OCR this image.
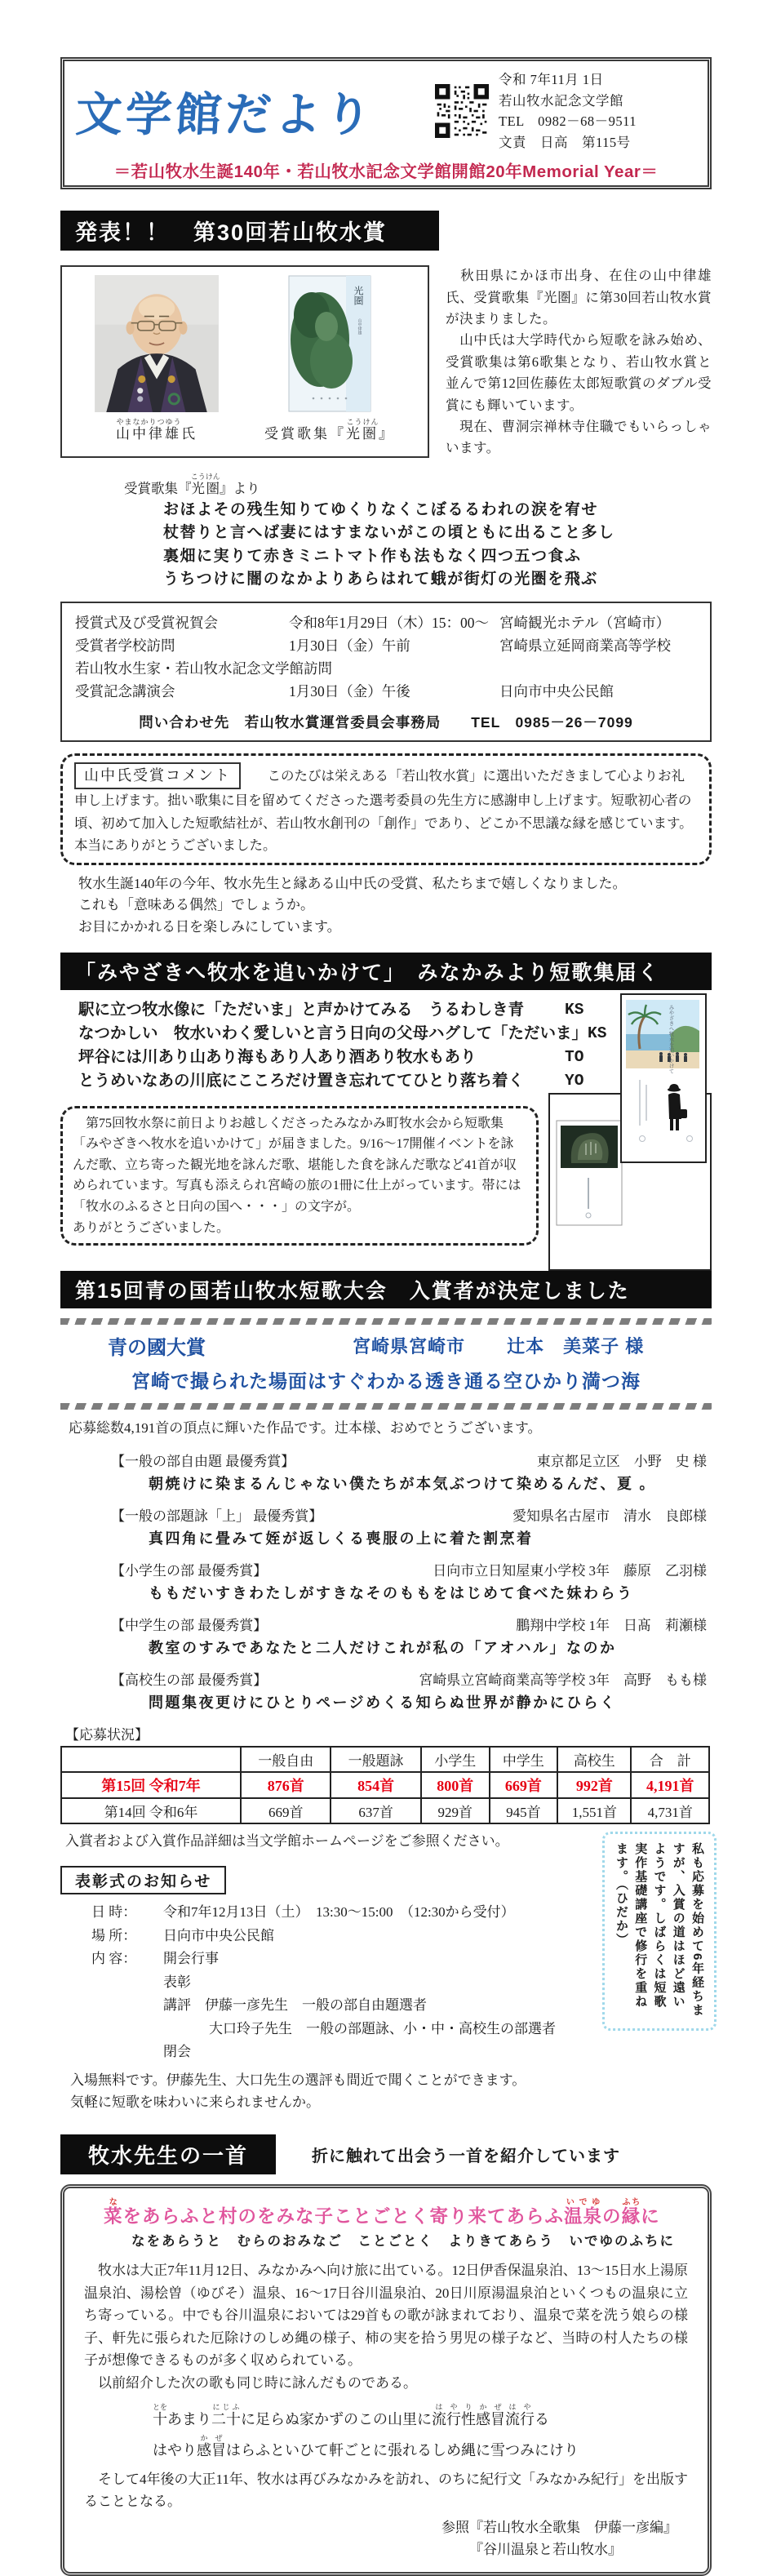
文学館だより
令和 7年11月 1日
若山牧水記念文学館
TEL　0982－68－9511
文責　日高　第115号
＝若山牧水生誕140年・若山牧水記念文学館開館20年Memorial Year＝
発表！！　第30回若山牧水賞
山やま中なか律りつ雄ゆう氏
光圏
山中律雄
受賞歌集『光圏こうけん』

　秋田県にかほ市出身、在住の山中律雄氏、受賞歌集『光圏』に第30回若山牧水賞が決まりました。

　山中氏は大学時代から短歌を詠み始め、受賞歌集は第6歌集となり、若山牧水賞と並んで第12回佐藤佐太郎短歌賞のダブル受賞にも輝いています。

　現在、曹洞宗禅林寺住職でもいらっしゃいます。

受賞歌集『光圏こうけん』より
おほよその残生知りてゆくりなくこぼるるわれの涙を宥せ
杖替りと言へば妻にはすまないがこの頃ともに出ること多し
裏畑に実りて赤きミニトマト作も法もなく四つ五つ食ふ
うちつけに闇のなかよりあらはれて蛾が街灯の光圏を飛ぶ
授賞式及び受賞祝賀会	令和8年1月29日（木）15：00～ 宮崎観光ホテル（宮崎市）
受賞者学校訪問	1月30日（金）午前	宮崎県立延岡商業高等学校
若山牧水生家・若山牧水記念文学館訪問
受賞記念講演会	1月30日（金）午後	日向市中央公民館
問い合わせ先　若山牧水賞運営委員会事務局　　TEL　0985－26－7099
山中氏受賞コメント　このたびは栄えある「若山牧水賞」に選出いただきまして心よりお礼申し上げます。拙い歌集に目を留めてくださった選考委員の先生方に感謝申し上げます。短歌初心者の頃、初めて加入した短歌結社が、若山牧水創刊の「創作」であり、どこか不思議な縁を感じています。本当にありがとうございました。

牧水生誕140年の今年、牧水先生と縁ある山中氏の受賞、私たちまで嬉しくなりました。

これも「意味ある偶然」でしょうか。

お目にかかれる日を楽しみにしています。

「みやざきへ牧水を追いかけて」　みなかみより短歌集届く
駅に立つ牧水像に「ただいま」と声かけてみる　うるわしき青	KS
なつかしい　牧水いわく愛しいと言う日向の父母ハグして「ただいま」 KS
坪谷には川あり山あり海もあり人あり酒あり牧水もあり	TO
とうめいなあの川底にこころだけ置き忘れててひとり落ち着く	YO

　第75回牧水祭に前日よりお越しくださったみなかみ町牧水会から短歌集「みやざきへ牧水を追いかけて」が届きました。9/16～17開催イベントを詠んだ歌、立ち寄った観光地を詠んだ歌、堪能した食を詠んだ歌など41首が収められています。写真も添えられ宮崎の旅の1冊に仕上がっています。帯には「牧水のふるさと日向の国へ・・・」の文字が。

ありがとうございました。

みやざきへ牧水を追いかけて
第15回青の国若山牧水短歌大会　入賞者が決定しました
青の國大賞	宮崎県宮崎市 辻本　美菜子 様
宮崎で撮られた場面はすぐわかる透き通る空ひかり満つ海
応募総数4,191首の頂点に輝いた作品です。辻本様、おめでとうございます。
【一般の部自由題 最優秀賞】	東京都足立区　小野　史 様
朝焼けに染まるんじゃない僕たちが本気ぶつけて染めるんだ、夏 。
【一般の部題詠「上」 最優秀賞】	愛知県名古屋市　清水　良郎様
真四角に畳みて姪が返しくる喪服の上に着た割烹着
【小学生の部 最優秀賞】	日向市立日知屋東小学校 3年　藤原　乙羽様
ももだいすきわたしがすきなそのももをはじめて食べた妹わらう
【中学生の部 最優秀賞】	鵬翔中学校 1年　日髙　莉瀬様
教室のすみであなたと二人だけこれが私の「アオハル」なのか
【高校生の部 最優秀賞】	宮崎県立宮崎商業高等学校 3年　高野　もも様
問題集夜更けにひとりページめくる知らぬ世界が静かにひらく
【応募状況】
	一般自由	一般題詠	小学生	中学生	高校生	合　計
第15回 令和7年	876首	854首	800首	669首	992首	4,191首
第14回 令和6年	669首	637首	929首	945首	1,551首	4,731首
入賞者および入賞作品詳細は当文学館ホームページをご参照ください。
表彰式のお知らせ
日 時： 令和7年12月13日（土）　13:30～15:00　（12:30から受付）
場 所： 日向市中央公民館
内 容： 開会行事
表彰
講評　伊藤一彦先生　一般の部自由題選者
大口玲子先生　一般の部題詠、小・中・高校生の部選者
閉会

入場無料です。伊藤先生、大口先生の選評も間近で聞くことができます。

気軽に短歌を味わいに来られませんか。

私も応募を始めて6年経ちますが、入賞の道はほど遠いようです。しばらくは短歌実作基礎講座で修行を重ねます。（ひだか）
牧水先生の一首	折に触れて出会う一首を紹介しています
菜なをあらふと村のをみな子ことごとく寄り来てあらふ温泉いでゆの縁ふちに
なをあらうと　むらのおみなご　ことごとく　よりきてあらう　いでゆのふちに

　牧水は大正7年11月12日、みなかみへ向け旅に出ている。12日伊香保温泉泊、13～15日水上湯原温泉泊、湯桧曽（ゆびそ）温泉、16～17日谷川温泉泊、20日川原湯温泉泊といくつもの温泉に立ち寄っている。中でも谷川温泉においては29首もの歌が詠まれており、温泉で菜を洗う娘らの様子、軒先に張られた厄除けのしめ縄の様子、柿の実を拾う男児の様子など、当時の村人たちの様子が想像できるものが多く収められている。

　以前紹介した次の歌も同じ時に詠んだものである。

十とをあまり二十にじふに足らぬ家かずのこの山里に流行性感冒はやりかぜ流行はやる
はやり感冒かぜはらふといひて軒ごとに張れるしめ縄に雪つみにけり

　そして4年後の大正11年、牧水は再びみなかみを訪れ、のちに紀行文「みなかみ紀行」を出版することとなる。

参照『若山牧水全歌集　伊藤一彦編』
『谷川温泉と若山牧水』
